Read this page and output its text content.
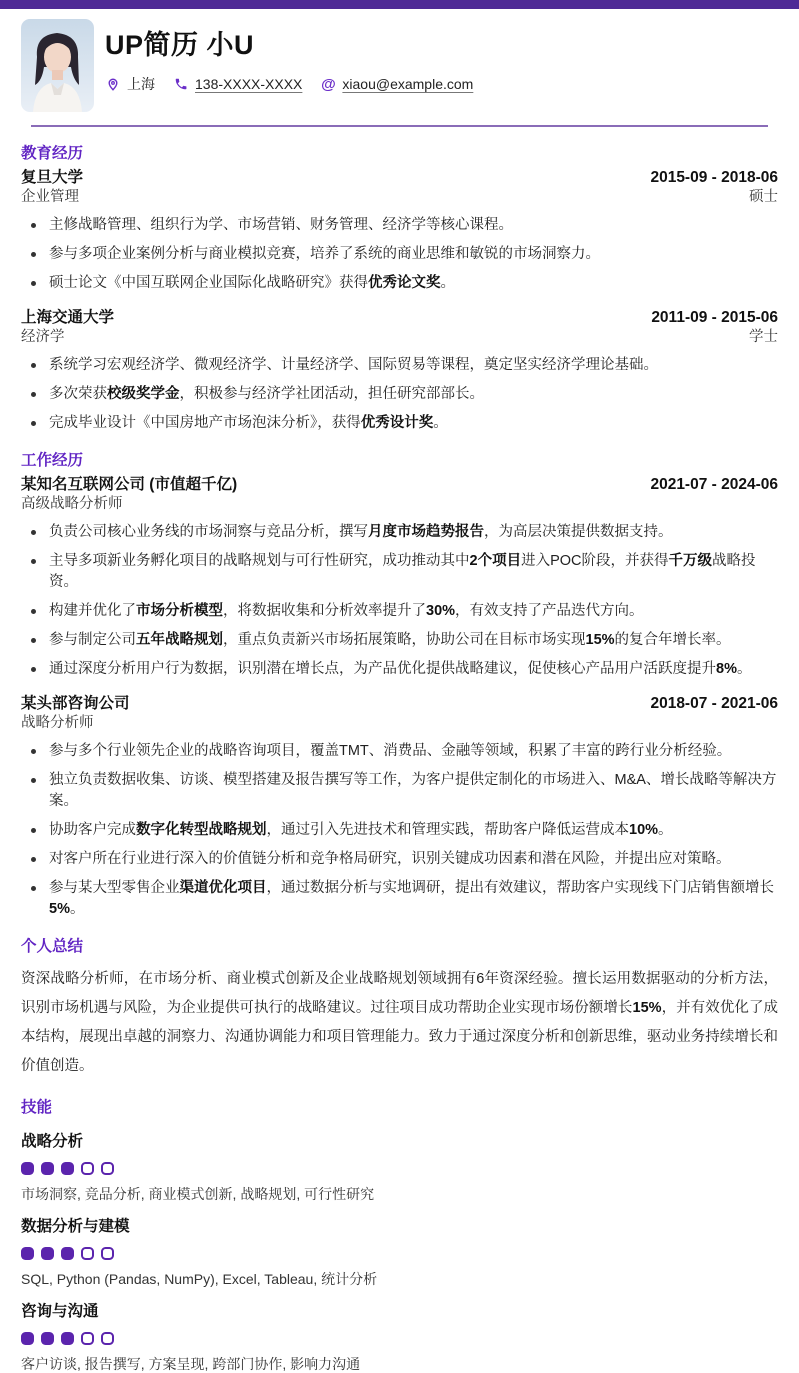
UP简历 小U
上海	138-XXXX-XXXX @ xiaou@example.com
教育经历
复旦大学
企业管理
2015-09 - 2018-06
硕士
主修战略管理、组织行为学、市场营销、财务管理、经济学等核心课程。
参与多项企业案例分析与商业模拟竞赛，培养了系统的商业思维和敏锐的市场洞察力。
硕士论文《中国互联网企业国际化战略研究》获得优秀论文奖。
上海交通大学
经济学
2011-09 - 2015-06
学士
系统学习宏观经济学、微观经济学、计量经济学、国际贸易等课程，奠定坚实经济学理论基础。
多次荣获校级奖学金，积极参与经济学社团活动，担任研究部部长。
完成毕业设计《中国房地产市场泡沫分析》，获得优秀设计奖。
工作经历
某知名互联网公司 (市值超千亿)
高级战略分析师
2021-07 - 2024-06
负责公司核心业务线的市场洞察与竞品分析，撰写月度市场趋势报告，为高层决策提供数据支持。
主导多项新业务孵化项目的战略规划与可行性研究，成功推动其中2个项目进入POC阶段，并获得千万级战略投资。
构建并优化了市场分析模型，将数据收集和分析效率提升了30%，有效支持了产品迭代方向。
参与制定公司五年战略规划，重点负责新兴市场拓展策略，协助公司在目标市场实现15%的复合年增长率。
通过深度分析用户行为数据，识别潜在增长点，为产品优化提供战略建议，促使核心产品用户活跃度提升8%。
某头部咨询公司
战略分析师
2018-07 - 2021-06
参与多个行业领先企业的战略咨询项目，覆盖TMT、消费品、金融等领域，积累了丰富的跨行业分析经验。
独立负责数据收集、访谈、模型搭建及报告撰写等工作，为客户提供定制化的市场进入、M&A、增长战略等解决方案。
协助客户完成数字化转型战略规划，通过引入先进技术和管理实践，帮助客户降低运营成本10%。
对客户所在行业进行深入的价值链分析和竞争格局研究，识别关键成功因素和潜在风险，并提出应对策略。
参与某大型零售企业渠道优化项目，通过数据分析与实地调研，提出有效建议，帮助客户实现线下门店销售额增长5%。
个人总结
资深战略分析师，在市场分析、商业模式创新及企业战略规划领域拥有6年资深经验。擅长运用数据驱动的分析方法，识别市场机遇与风险，为企业提供可执行的战略建议。过往项目成功帮助企业实现市场份额增长15%，并有效优化了成本结构，展现出卓越的洞察力、沟通协调能力和项目管理能力。致力于通过深度分析和创新思维，驱动业务持续增长和价值创造。
技能
战略分析
市场洞察, 竞品分析, 商业模式创新, 战略规划, 可行性研究
数据分析与建模
SQL, Python (Pandas, NumPy), Excel, Tableau, 统计分析
咨询与沟通
客户访谈, 报告撰写, 方案呈现, 跨部门协作, 影响力沟通
